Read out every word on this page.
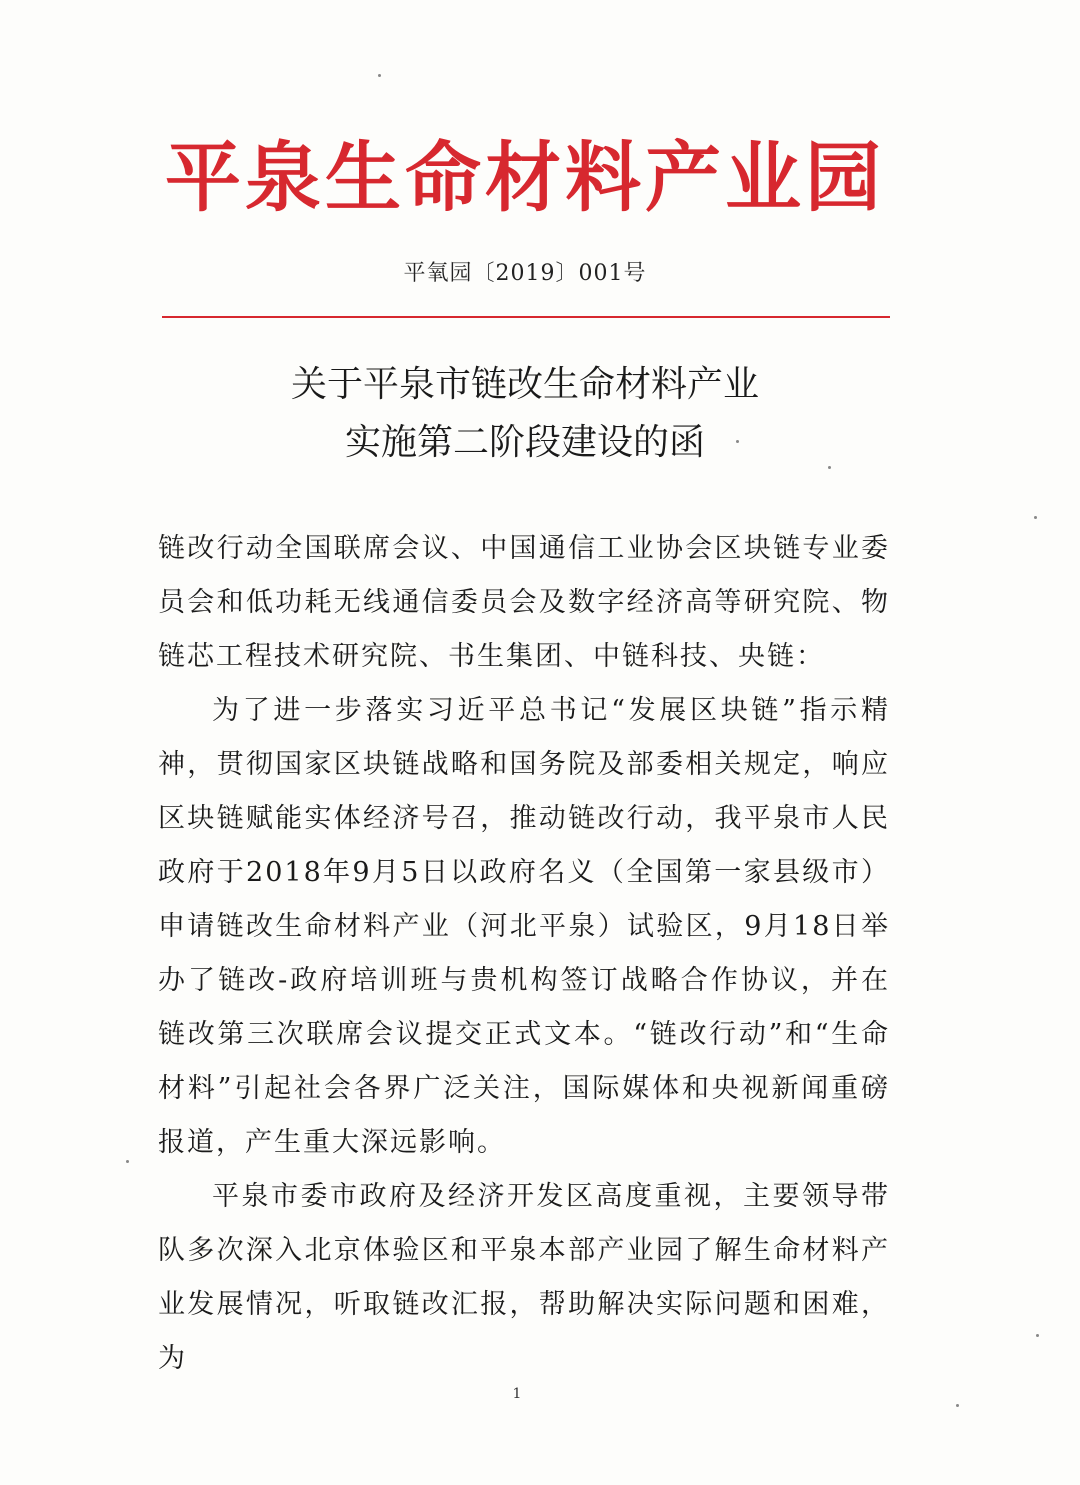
平泉生命材料产业园
平氧园〔2019〕001号
关于平泉市链改生命材料产业
实施第二阶段建设的函

链改行动全国联席会议、中国通信工业协会区块链专业委员会和低功耗无线通信委员会及数字经济高等研究院、物链芯工程技术研究院、书生集团、中链科技、央链：

为了进一步落实习近平总书记“发展区块链”指示精神，贯彻国家区块链战略和国务院及部委相关规定，响应区块链赋能实体经济号召，推动链改行动，我平泉市人民政府于2018年9月5日以政府名义（全国第一家县级市）申请链改生命材料产业（河北平泉）试验区，9月18日举办了链改-政府培训班与贵机构签订战略合作协议，并在链改第三次联席会议提交正式文本。“链改行动”和“生命材料”引起社会各界广泛关注，国际媒体和央视新闻重磅报道，产生重大深远影响。

平泉市委市政府及经济开发区高度重视，主要领导带队多次深入北京体验区和平泉本部产业园了解生命材料产业发展情况，听取链改汇报，帮助解决实际问题和困难，为

1
